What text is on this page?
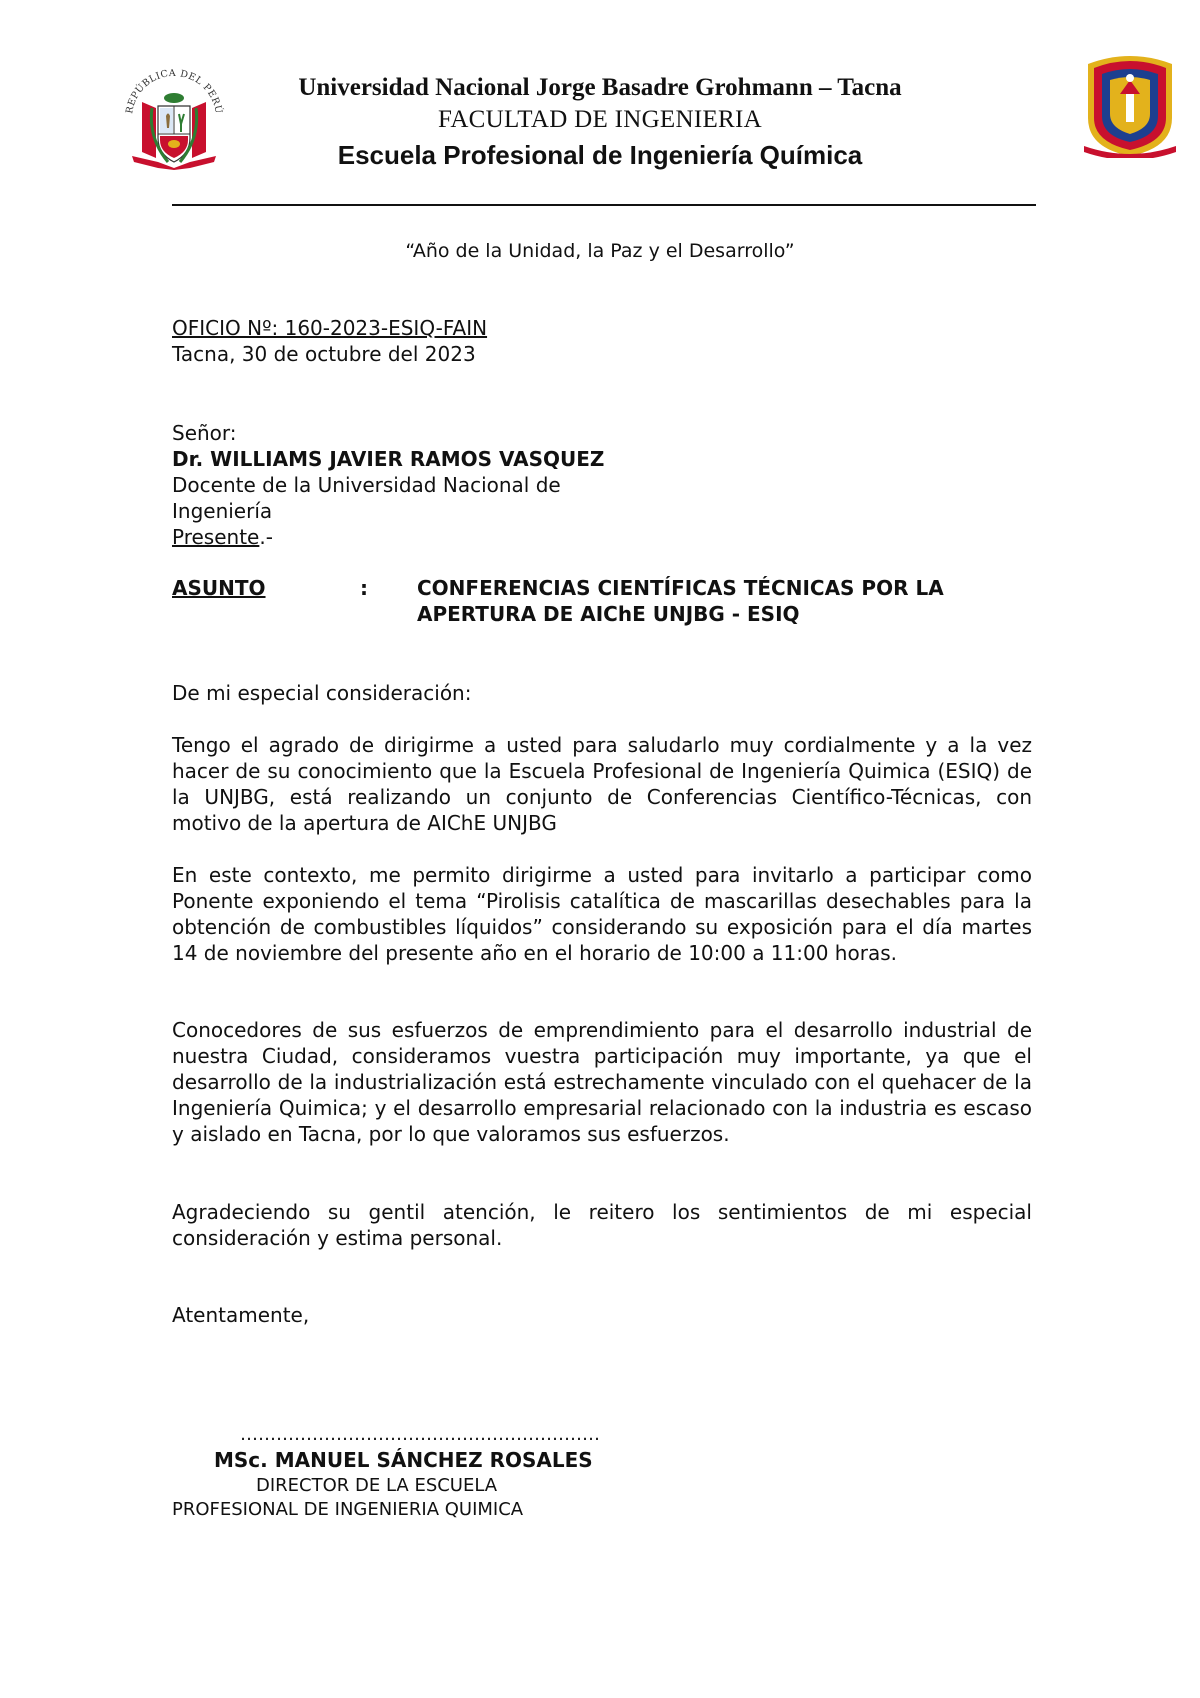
REPÚBLICA DEL PERÚ
Universidad Nacional Jorge Basadre Grohmann – Tacna
FACULTAD DE INGENIERIA
Escuela Profesional de Ingeniería Química
“Año de la Unidad, la Paz y el Desarrollo”
OFICIO Nº: 160-2023-ESIQ-FAIN
Tacna, 30 de octubre del 2023
Señor:
Dr. WILLIAMS JAVIER RAMOS VASQUEZ
Docente de la Universidad Nacional de
Ingeniería
Presente.-
ASUNTO	: CONFERENCIAS CIENTÍFICAS TÉCNICAS POR LA APERTURA DE AIChE UNJBG - ESIQ
De mi especial consideración:
Tengo el agrado de dirigirme a usted para saludarlo muy cordialmente y a la vez hacer de su conocimiento que la Escuela Profesional de Ingeniería Quimica (ESIQ) de la UNJBG, está realizando un conjunto de Conferencias Científico-Técnicas, con motivo de la apertura de AIChE UNJBG
En este contexto, me permito dirigirme a usted para invitarlo a participar como Ponente exponiendo el tema “Pirolisis catalítica de mascarillas desechables para la obtención de combustibles líquidos” considerando su exposición para el día martes 14 de noviembre del presente año en el horario de 10:00 a 11:00 horas.
Conocedores de sus esfuerzos de emprendimiento para el desarrollo industrial de nuestra Ciudad, consideramos vuestra participación muy importante, ya que el desarrollo de la industrialización está estrechamente vinculado con el quehacer de la Ingeniería Quimica; y el desarrollo empresarial relacionado con la industria es escaso y aislado en Tacna, por lo que valoramos sus esfuerzos.
Agradeciendo su gentil atención, le reitero los sentimientos de mi especial consideración y estima personal.
Atentamente,
……………………………………………………
MSc. MANUEL SÁNCHEZ ROSALES
DIRECTOR DE LA ESCUELA
PROFESIONAL DE INGENIERIA QUIMICA
